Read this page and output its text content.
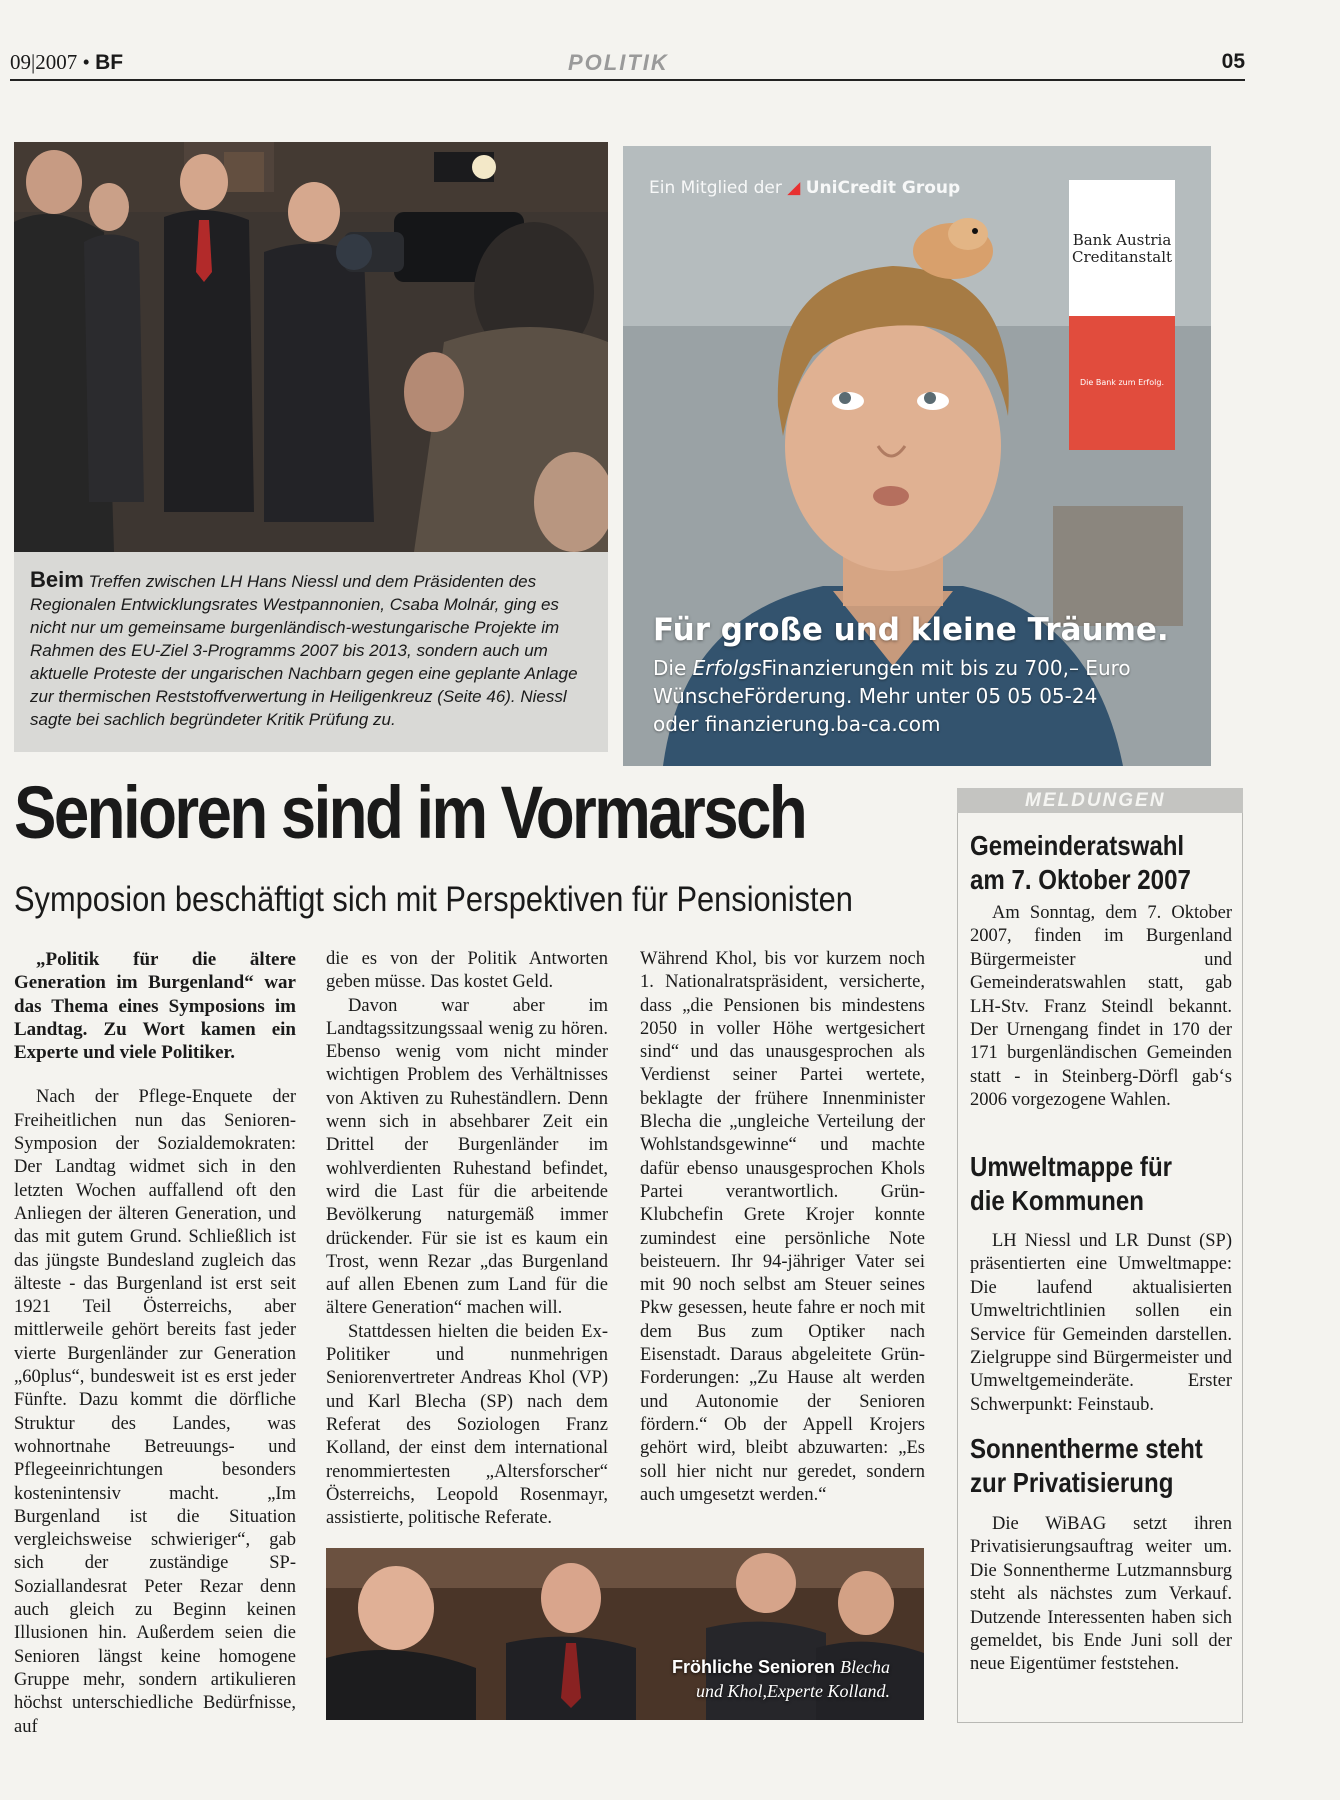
09|2007 • BF	POLITIK	05
Beim Treffen zwischen LH Hans Niessl und dem Präsidenten des Regionalen Entwicklungsrates Westpannonien, Csaba Molnár, ging es nicht nur um gemeinsame burgenländisch-westungarische Projekte im Rahmen des EU-Ziel 3-Programms 2007 bis 2013, sondern auch um aktuelle Proteste der ungarischen Nachbarn gegen eine geplante Anlage zur thermischen Reststoffverwertung in Heiligenkreuz (Seite 46). Niessl sagte bei sachlich begründeter Kritik Prüfung zu.
Ein Mitglied der ◢ UniCredit Group
Bank Austria
Creditanstalt
Die Bank zum Erfolg.
Für große und kleine Träume.
Die ErfolgsFinanzierungen mit bis zu 700,– Euro
WünscheFörderung. Mehr unter 05 05 05-24
oder finanzierung.ba-ca.com
Senioren sind im Vormarsch
Symposion beschäftigt sich mit Perspektiven für Pensionisten

„Politik für die ältere Generation im Burgenland“ war das Thema eines Symposions im Landtag. Zu Wort kamen ein Experte und viele Politiker.

Nach der Pflege-Enquete der Freiheitlichen nun das Senioren-Symposion der Sozialdemokraten: Der Landtag widmet sich in den letzten Wochen auffallend oft den Anliegen der älteren Generation, und das mit gutem Grund. Schließlich ist das jüngste Bundesland zugleich das älteste - das Burgenland ist erst seit 1921 Teil Österreichs, aber mittlerweile gehört bereits fast jeder vierte Burgenländer zur Generation „60plus“, bundesweit ist es erst jeder Fünfte. Dazu kommt die dörfliche Struktur des Landes, was wohnortnahe Betreuungs- und Pflegeeinrichtungen besonders kostenintensiv macht. „Im Burgenland ist die Situation vergleichsweise schwieriger“, gab sich der zuständige SP-Soziallandesrat Peter Rezar denn auch gleich zu Beginn keinen Illusionen hin. Außerdem seien die Senioren längst keine homogene Gruppe mehr, sondern artikulieren höchst unterschiedliche Bedürfnisse, auf

die es von der Politik Antworten geben müsse. Das kostet Geld.

Davon war aber im Landtagssitzungssaal wenig zu hören. Ebenso wenig vom nicht minder wichtigen Problem des Verhältnisses von Aktiven zu Ruheständlern. Denn wenn sich in absehbarer Zeit ein Drittel der Burgenländer im wohlverdienten Ruhestand befindet, wird die Last für die arbeitende Bevölkerung naturgemäß immer drückender. Für sie ist es kaum ein Trost, wenn Rezar „das Burgenland auf allen Ebenen zum Land für die ältere Generation“ machen will.

Stattdessen hielten die beiden Ex-Politiker und nunmehrigen Seniorenvertreter Andreas Khol (VP) und Karl Blecha (SP) nach dem Referat des Soziologen Franz Kolland, der einst dem international renommiertesten „Altersforscher“ Österreichs, Leopold Rosenmayr, assistierte, politische Referate.

Während Khol, bis vor kurzem noch 1. Nationalratspräsident, versicherte, dass „die Pensionen bis mindestens 2050 in voller Höhe wertgesichert sind“ und das unausgesprochen als Verdienst seiner Partei wertete, beklagte der frühere Innenminister Blecha die „ungleiche Verteilung der Wohlstandsgewinne“ und machte dafür ebenso unausgesprochen Khols Partei verantwortlich. Grün-Klubchefin Grete Krojer konnte zumindest eine persönliche Note beisteuern. Ihr 94-jähriger Vater sei mit 90 noch selbst am Steuer seines Pkw gesessen, heute fahre er noch mit dem Bus zum Optiker nach Eisenstadt. Daraus abgeleitete Grün-Forderungen: „Zu Hause alt werden und Autonomie der Senioren fördern.“ Ob der Appell Krojers gehört wird, bleibt abzuwarten: „Es soll hier nicht nur geredet, sondern auch umgesetzt werden.“

Fröhliche Senioren Blecha
und Khol,Experte Kolland.
MELDUNGEN
Gemeinderatswahl
am 7. Oktober 2007

Am Sonntag, dem 7. Oktober 2007, finden im Burgenland Bürgermeister und Gemeinderatswahlen statt, gab LH-Stv. Franz Steindl bekannt. Der Urnengang findet in 170 der 171 burgenländischen Gemeinden statt - in Steinberg-Dörfl gab‘s 2006 vorgezogene Wahlen.

Umweltmappe für
die Kommunen

LH Niessl und LR Dunst (SP) präsentierten eine Umweltmappe: Die laufend aktualisierten Umweltrichtlinien sollen ein Service für Gemeinden darstellen. Zielgruppe sind Bürgermeister und Umweltgemeinderäte. Erster Schwerpunkt: Feinstaub.

Sonnentherme steht
zur Privatisierung

Die WiBAG setzt ihren Privatisierungsauftrag weiter um. Die Sonnentherme Lutzmannsburg steht als nächstes zum Verkauf. Dutzende Interessenten haben sich gemeldet, bis Ende Juni soll der neue Eigentümer feststehen.
